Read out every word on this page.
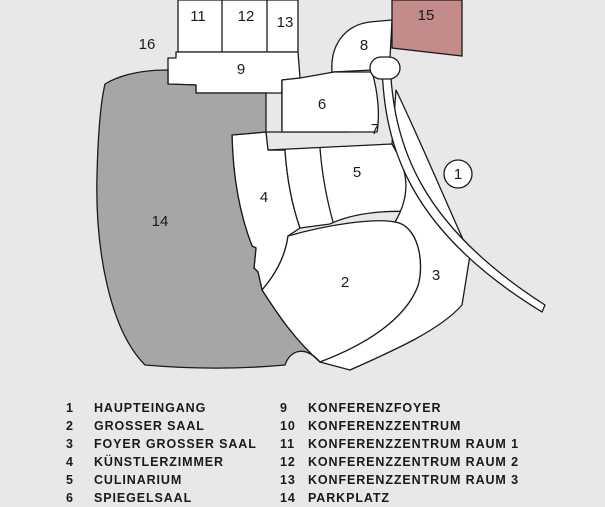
1
2	3
4
5
6
7
8
9
11 12 13
14
15
16
1	HAUPTEINGANG
2	GROSSER SAAL
3	FOYER GROSSER SAAL
4	KÜNSTLERZIMMER
5	CULINARIUM
6	SPIEGELSAAL
9	KONFERENZFOYER
10 KONFERENZZENTRUM
11	KONFERENZZENTRUM RAUM 1
12 KONFERENZZENTRUM RAUM 2
13 KONFERENZZENTRUM RAUM 3
14 PARKPLATZ
